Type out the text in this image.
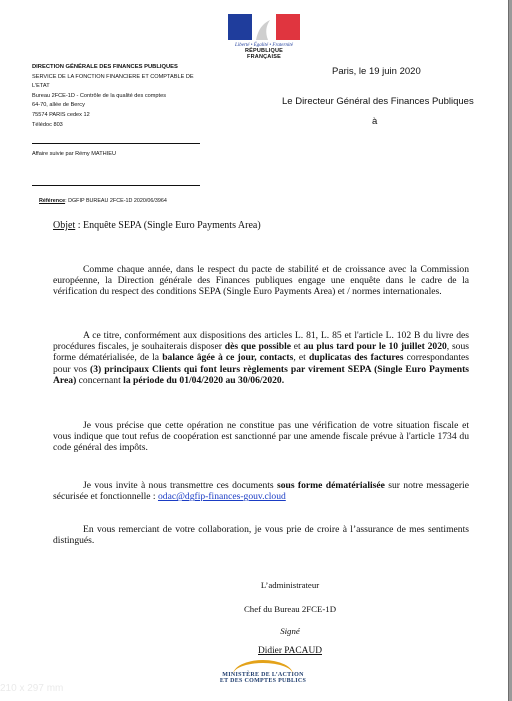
Liberté • Égalité • Fraternité
RÉPUBLIQUE FRANÇAISE
DIRECTION GÉNÉRALE DES FINANCES PUBLIQUES
SERVICE DE LA FONCTION FINANCIERE ET COMPTABLE DE
L'ETAT
Bureau 2FCE-1D - Contrôle de la qualité des comptes
64-70, allée de Bercy
75574 PARIS cedex 12
Télédoc 803
Affaire suivie par Rémy MATHIEU
Référence: DGFIP BUREAU 2FCE-1D 2020/06/3964
Paris, le 19 juin 2020
Le Directeur Général des Finances Publiques
à
Objet : Enquête SEPA (Single Euro Payments Area)
Comme chaque année, dans le respect du pacte de stabilité et de croissance avec la Commission européenne, la Direction générale des Finances publiques engage une enquête dans le cadre de la vérification du respect des conditions SEPA (Single Euro Payments Area) et / normes internationales.
A ce titre, conformément aux dispositions des articles L. 81, L. 85 et l'article L. 102 B du livre des procédures fiscales, je souhaiterais disposer dès que possible et au plus tard pour le 10 juillet 2020, sous forme dématérialisée, de la balance âgée à ce jour, contacts, et duplicatas des factures correspondantes pour vos (3) principaux Clients qui font leurs règlements par virement SEPA (Single Euro Payments Area) concernant la période du 01/04/2020 au 30/06/2020.
Je vous précise que cette opération ne constitue pas une vérification de votre situation fiscale et vous indique que tout refus de coopération est sanctionné par une amende fiscale prévue à l'article 1734 du code général des impôts.
Je vous invite à nous transmettre ces documents sous forme dématérialisée sur notre messagerie sécurisée et fonctionnelle : odac@dgfip-finances-gouv.cloud
En vous remerciant de votre collaboration, je vous prie de croire à l’assurance de mes sentiments distingués.
L’administrateur
Chef du Bureau 2FCE-1D
Signé
Didier PACAUD
MINISTÈRE DE L’ACTION
ET DES COMPTES PUBLICS
210 x 297 mm
